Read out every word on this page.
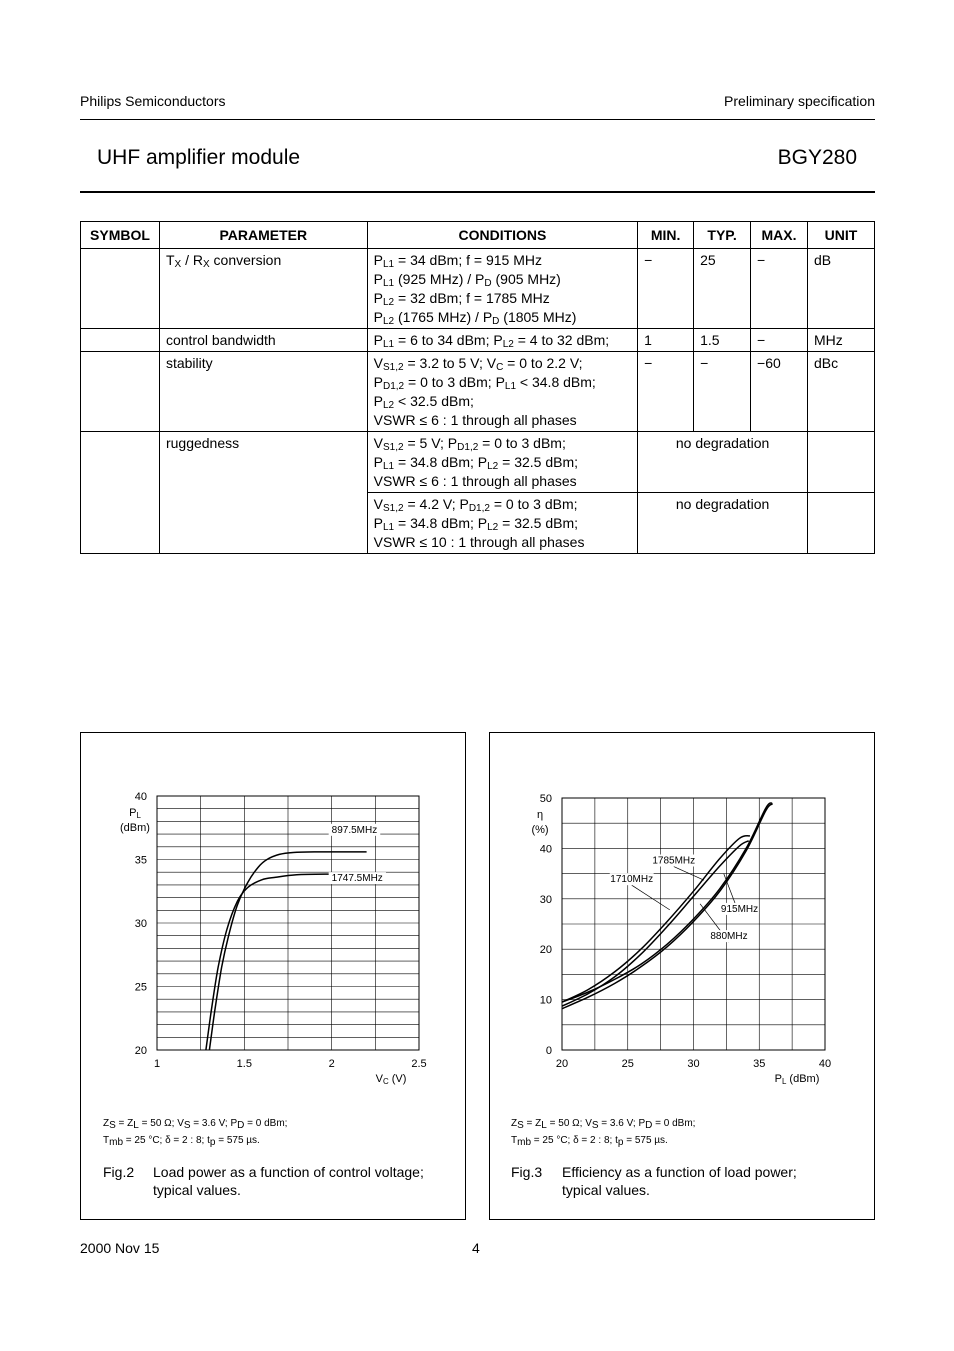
Philips Semiconductors	Preliminary specification
UHF amplifier module	BGY280
SYMBOL	PARAMETER	CONDITIONS	MIN.	TYP.	MAX.	UNIT
	$T_X / R_X$ conversion	$P_{L1} = 34$ dBm; f = 915 MHz
$P_{L1}$ (925 $MHz) / P_D$ (905 MHz)
$P_{L2} = 32$ dBm; f = 1785 MHz
$P_{L2}$ (1765 $MHz) / P_D$ (1805 MHz)	−	25	−	dB
	control bandwidth	$P_{L1} = 6$ to 34 dBm; $P_{L2} = 4$ to 32 dBm;	1	1.5	−	MHz
	stability	$V_{S1,2} = 3.2$ to 5 V; $V_C = 0$ to 2.2 V;
$P_{D1,2} = 0$ to 3 dBm; $P_{L1} < 34.8$ dBm;
$P_{L2} < 32.5$ dBm;
VSWR ≤ 6 : 1 through all phases	−	−	−60	dBc
	ruggedness	$V_{S1,2} = 5$ V; $P_{D1,2} = 0$ to 3 dBm;
$P_{L1} = 34.8$ dBm; $P_{L2} = 32.5$ dBm;
VSWR ≤ 6 : 1 through all phases	no degradation			
		$V_{S1,2} = 4.2$ V; $P_{D1,2} = 0$ to 3 dBm;
$P_{L1} = 34.8$ dBm; $P_{L2} = 32.5$ dBm;
VSWR ≤ 10 : 1 through all phases	no degradation			
1	1.5	2	2.5
20
25
30
35
40
PL
(dBm)
VC (V)
897.5MHz
1747.5MHz
$Z_S = Z_L = 50$ Ω; $V_S = 3.6$ V; $P_D = 0$ dBm;
$T_{mb} = 25$ °C; δ = 2 : 8; $t_p = 575$ µs.
Fig.2 Load power as a function of control voltage;
typical values.
20	25	30	35	40
0
10
20
30
40
50
η
(%)
PL (dBm)
1785MHz
1710MHz
915MHz
880MHz
$Z_S = Z_L = 50$ Ω; $V_S = 3.6$ V; $P_D = 0$ dBm;
$T_{mb} = 25$ °C; δ = 2 : 8; $t_p = 575$ µs.
Fig.3 Efficiency as a function of load power;
typical values.
2000 Nov 15	4
